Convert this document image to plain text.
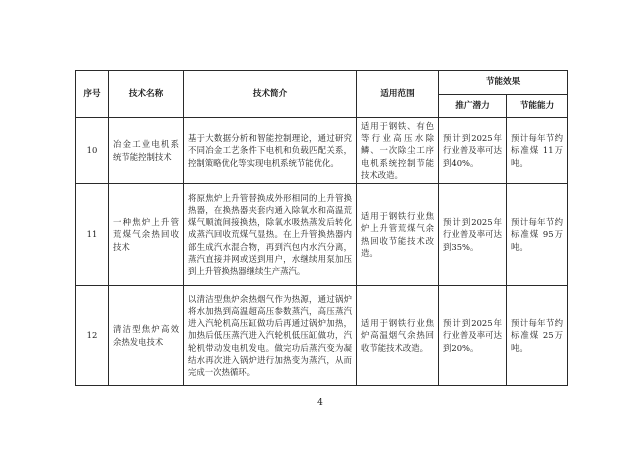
序号	技术名称	技术简介	适用范围	节能效果	
				推广潜力	节能能力
10	冶金工业电机系统节能控制技术	基于大数据分析和智能控制理论，通过研究不同冶金工艺条件下电机和负载匹配关系，控制策略优化等实现电机系统节能优化。	适用于钢铁、有色等行业高压水除鳞、一次除尘工序电机系统控制节能技术改造。	预计到2025年行业普及率可达到40%。	预计每年节约标准煤 11万吨。
11	一种焦炉上升管荒煤气余热回收技术	将原焦炉上升管替换成外形相同的上升管换热器，在换热器夹套内通入除氧水和高温荒煤气顺流间接换热，除氧水吸热蒸发后转化成蒸汽回收荒煤气显热。在上升管换热器内部生成汽水混合物，再到汽包内水汽分离，蒸汽直接并网或送到用户，水继续用泵加压到上升管换热器继续生产蒸汽。	适用于钢铁行业焦炉上升管荒煤气余热回收节能技术改造。	预计到2025年行业普及率可达到35%。	预计每年节约标准煤 95万吨。
12	清洁型焦炉高效余热发电技术	以清洁型焦炉余热烟气作为热源，通过锅炉将水加热到高温超高压参数蒸汽，高压蒸汽进入汽轮机高压缸做功后再通过锅炉加热，加热后低压蒸汽进入汽轮机低压缸做功，汽轮机带动发电机发电。做完功后蒸汽变为凝结水再次进入锅炉进行加热变为蒸汽，从而完成一次热循环。	适用于钢铁行业焦炉高温烟气余热回收节能技术改造。	预计到2025年行业普及率可达到20%。	预计每年节约标准煤 25万吨。
4
